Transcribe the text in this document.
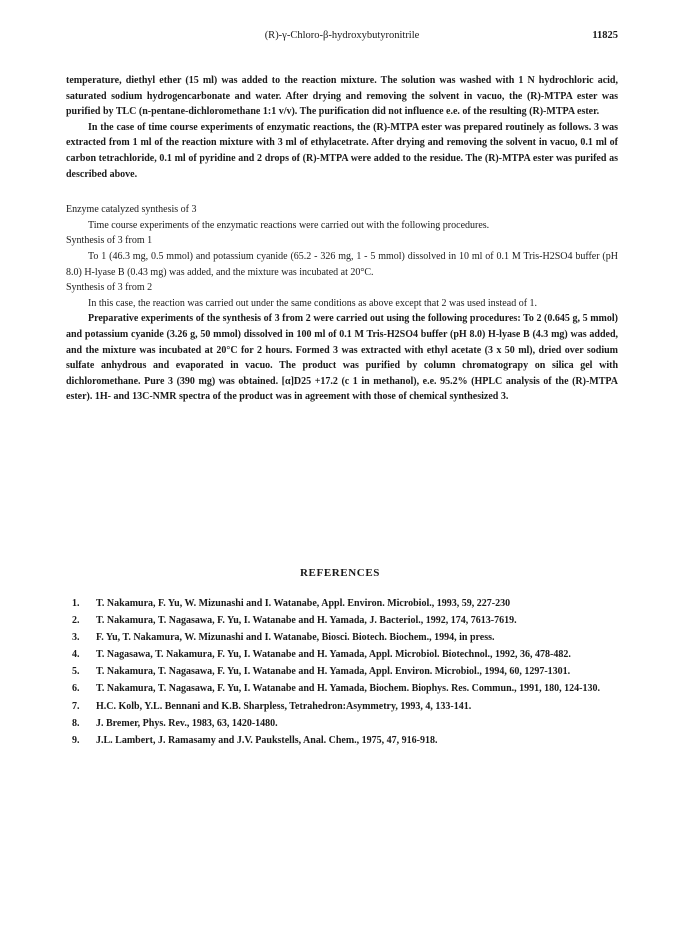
(R)-γ-Chloro-β-hydroxybutyronitrile	11825

temperature, diethyl ether (15 ml) was added to the reaction mixture. The solution was washed with 1 N hydrochloric acid, saturated sodium hydrogencarbonate and water. After drying and removing the solvent in vacuo, the (R)-MTPA ester was purified by TLC (n-pentane-dichloromethane 1:1 v/v). The purification did not influence e.e. of the resulting (R)-MTPA ester.

In the case of time course experiments of enzymatic reactions, the (R)-MTPA ester was prepared routinely as follows. 3 was extracted from 1 ml of the reaction mixture with 3 ml of ethylacetrate. After drying and removing the solvent in vacuo, 0.1 ml of carbon tetrachloride, 0.1 ml of pyridine and 2 drops of (R)-MTPA were added to the residue. The (R)-MTPA ester was purifed as described above.

Enzyme catalyzed synthesis of 3

Time course experiments of the enzymatic reactions were carried out with the following procedures.

Synthesis of 3 from 1

To 1 (46.3 mg, 0.5 mmol) and potassium cyanide (65.2 - 326 mg, 1 - 5 mmol) dissolved in 10 ml of 0.1 M Tris-H2SO4 buffer (pH 8.0) H-lyase B (0.43 mg) was added, and the mixture was incubated at 20°C.

Synthesis of 3 from 2

In this case, the reaction was carried out under the same conditions as above except that 2 was used instead of 1.

Preparative experiments of the synthesis of 3 from 2 were carried out using the following procedures: To 2 (0.645 g, 5 mmol) and potassium cyanide (3.26 g, 50 mmol) dissolved in 100 ml of 0.1 M Tris-H2SO4 buffer (pH 8.0) H-lyase B (4.3 mg) was added, and the mixture was incubated at 20°C for 2 hours. Formed 3 was extracted with ethyl acetate (3 x 50 ml), dried over sodium sulfate anhydrous and evaporated in vacuo. The product was purified by column chromatograpy on silica gel with dichloromethane. Pure 3 (390 mg) was obtained. [α]D25 +17.2 (c 1 in methanol), e.e. 95.2% (HPLC analysis of the (R)-MTPA ester). 1H- and 13C-NMR spectra of the product was in agreement with those of chemical synthesized 3.

REFERENCES
1. T. Nakamura, F. Yu, W. Mizunashi and I. Watanabe, Appl. Environ. Microbiol., 1993, 59, 227-230
2. T. Nakamura, T. Nagasawa, F. Yu, I. Watanabe and H. Yamada, J. Bacteriol., 1992, 174, 7613-7619.
3. F. Yu, T. Nakamura, W. Mizunashi and I. Watanabe, Biosci. Biotech. Biochem., 1994, in press.
4. T. Nagasawa, T. Nakamura, F. Yu, I. Watanabe and H. Yamada, Appl. Microbiol. Biotechnol., 1992, 36, 478-482.
5. T. Nakamura, T. Nagasawa, F. Yu, I. Watanabe and H. Yamada, Appl. Environ. Microbiol., 1994, 60, 1297-1301.
6. T. Nakamura, T. Nagasawa, F. Yu, I. Watanabe and H. Yamada, Biochem. Biophys. Res. Commun., 1991, 180, 124-130.
7. H.C. Kolb, Y.L. Bennani and K.B. Sharpless, Tetrahedron:Asymmetry, 1993, 4, 133-141.
8. J. Bremer, Phys. Rev., 1983, 63, 1420-1480.
9. J.L. Lambert, J. Ramasamy and J.V. Paukstells, Anal. Chem., 1975, 47, 916-918.
